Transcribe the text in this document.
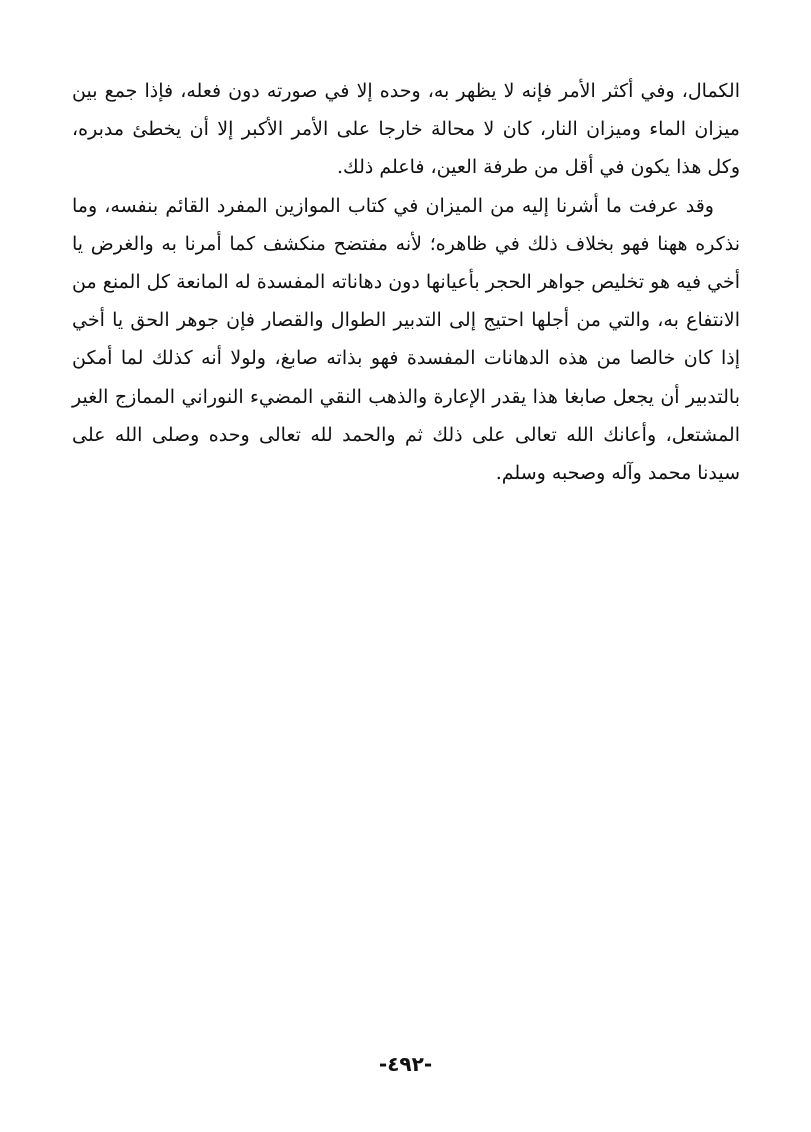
الكمال، وفي أكثر الأمر فإنه لا يظهر به، وحده إلا في صورته دون فعله، فإذا جمع بين ميزان الماء وميزان النار، كان لا محالة خارجا على الأمر الأكبر إلا أن يخطئ مدبره، وكل هذا يكون في أقل من طرفة العين، فاعلم ذلك.

وقد عرفت ما أشرنا إليه من الميزان في كتاب الموازين المفرد القائم بنفسه، وما نذكره ههنا فهو بخلاف ذلك في ظاهره؛ لأنه مفتضح منكشف كما أمرنا به والغرض يا أخي فيه هو تخليص جواهر الحجر بأعيانها دون دهاناته المفسدة له المانعة كل المنع من الانتفاع به، والتي من أجلها احتيج إلى التدبير الطوال والقصار فإن جوهر الحق يا أخي إذا كان خالصا من هذه الدهانات المفسدة فهو بذاته صابغ، ولولا أنه كذلك لما أمكن بالتدبير أن يجعل صابغا هذا يقدر الإعارة والذهب النقي المضيء النوراني الممازج الغير المشتعل، وأعانك الله تعالى على ذلك ثم والحمد لله تعالى وحده وصلى الله على سيدنا محمد وآله وصحبه وسلم.

-٤٩٢-
